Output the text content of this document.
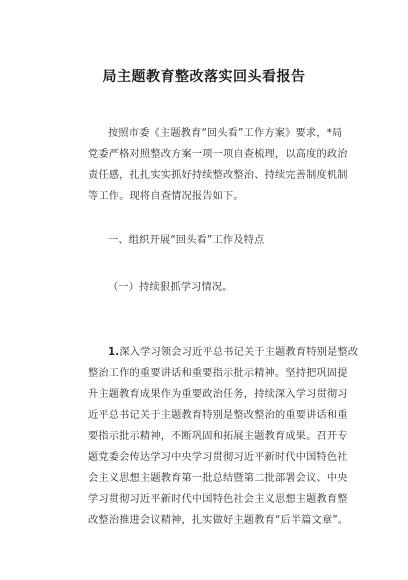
局主题教育整改落实回头看报告
按照市委《主题教育“回头看”工作方案》要求，*局
党委严格对照整改方案一项一项自查梳理，以高度的政治
责任感，扎扎实实抓好持续整改整治、持续完善制度机制
等工作。现将自查情况报告如下。
一、组织开展“回头看”工作及特点
（一）持续狠抓学习情况。
1.深入学习领会习近平总书记关于主题教育特别是整改
整治工作的重要讲话和重要指示批示精神。坚持把巩固提
升主题教育成果作为重要政治任务，持续深入学习贯彻习
近平总书记关于主题教育特别是整改整治的重要讲话和重
要指示批示精神，不断巩固和拓展主题教育成果。召开专
题党委会传达学习中央学习贯彻习近平新时代中国特色社
会主义思想主题教育第一批总结暨第二批部署会议、中央
学习贯彻习近平新时代中国特色社会主义思想主题教育整
改整治推进会议精神，扎实做好主题教育“后半篇文章”。
